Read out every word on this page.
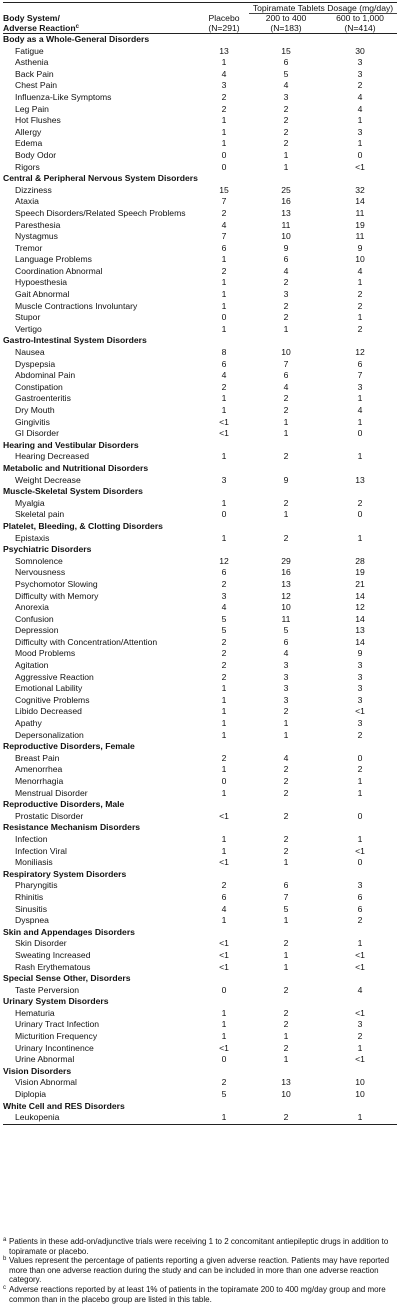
		Topiramate Tablets Dosage (mg/day)	
Body System/	Placebo	200 to 400	600 to 1,000
Adverse Reaction$^c$	(N=291)	(N=183)	(N=414)
Body as a Whole-General Disorders			
Fatigue	13	15	30
Asthenia	1	6	3
Back Pain	4	5	3
Chest Pain	3	4	2
Influenza-Like Symptoms	2	3	4
Leg Pain	2	2	4
Hot Flushes	1	2	1
Allergy	1	2	3
Edema	1	2	1
Body Odor	0	1	0
Rigors	0	1	<1
Central & Peripheral Nervous System Disorders			
Dizziness	15	25	32
Ataxia	7	16	14
Speech Disorders/Related Speech Problems	2	13	11
Paresthesia	4	11	19
Nystagmus	7	10	11
Tremor	6	9	9
Language Problems	1	6	10
Coordination Abnormal	2	4	4
Hypoesthesia	1	2	1
Gait Abnormal	1	3	2
Muscle Contractions Involuntary	1	2	2
Stupor	0	2	1
Vertigo	1	1	2
Gastro-Intestinal System Disorders			
Nausea	8	10	12
Dyspepsia	6	7	6
Abdominal Pain	4	6	7
Constipation	2	4	3
Gastroenteritis	1	2	1
Dry Mouth	1	2	4
Gingivitis	<1	1	1
GI Disorder	<1	1	0
Hearing and Vestibular Disorders			
Hearing Decreased	1	2	1
Metabolic and Nutritional Disorders			
Weight Decrease	3	9	13
Muscle-Skeletal System Disorders			
Myalgia	1	2	2
Skeletal pain	0	1	0
Platelet, Bleeding, & Clotting Disorders			
Epistaxis	1	2	1
Psychiatric Disorders			
Somnolence	12	29	28
Nervousness	6	16	19
Psychomotor Slowing	2	13	21
Difficulty with Memory	3	12	14
Anorexia	4	10	12
Confusion	5	11	14
Depression	5	5	13
Difficulty with Concentration/Attention	2	6	14
Mood Problems	2	4	9
Agitation	2	3	3
Aggressive Reaction	2	3	3
Emotional Lability	1	3	3
Cognitive Problems	1	3	3
Libido Decreased	1	2	<1
Apathy	1	1	3
Depersonalization	1	1	2
Reproductive Disorders, Female			
Breast Pain	2	4	0
Amenorrhea	1	2	2
Menorrhagia	0	2	1
Menstrual Disorder	1	2	1
Reproductive Disorders, Male			
Prostatic Disorder	<1	2	0
Resistance Mechanism Disorders			
Infection	1	2	1
Infection Viral	1	2	<1
Moniliasis	<1	1	0
Respiratory System Disorders			
Pharyngitis	2	6	3
Rhinitis	6	7	6
Sinusitis	4	5	6
Dyspnea	1	1	2
Skin and Appendages Disorders			
Skin Disorder	<1	2	1
Sweating Increased	<1	1	<1
Rash Erythematous	<1	1	<1
Special Sense Other, Disorders			
Taste Perversion	0	2	4
Urinary System Disorders			
Hematuria	1	2	<1
Urinary Tract Infection	1	2	3
Micturition Frequency	1	1	2
Urinary Incontinence	<1	2	1
Urine Abnormal	0	1	<1
Vision Disorders			
Vision Abnormal	2	13	10
Diplopia	5	10	10
White Cell and RES Disorders			
Leukopenia	1	2	1

a Patients in these add-on/adjunctive trials were receiving 1 to 2 concomitant antiepileptic drugs in addition to topiramate or placebo.

b Values represent the percentage of patients reporting a given adverse reaction. Patients may have reported more than one adverse reaction during the study and can be included in more than one adverse reaction category.

c Adverse reactions reported by at least 1% of patients in the topiramate 200 to 400 mg/day group and more common than in the placebo group are listed in this table.
